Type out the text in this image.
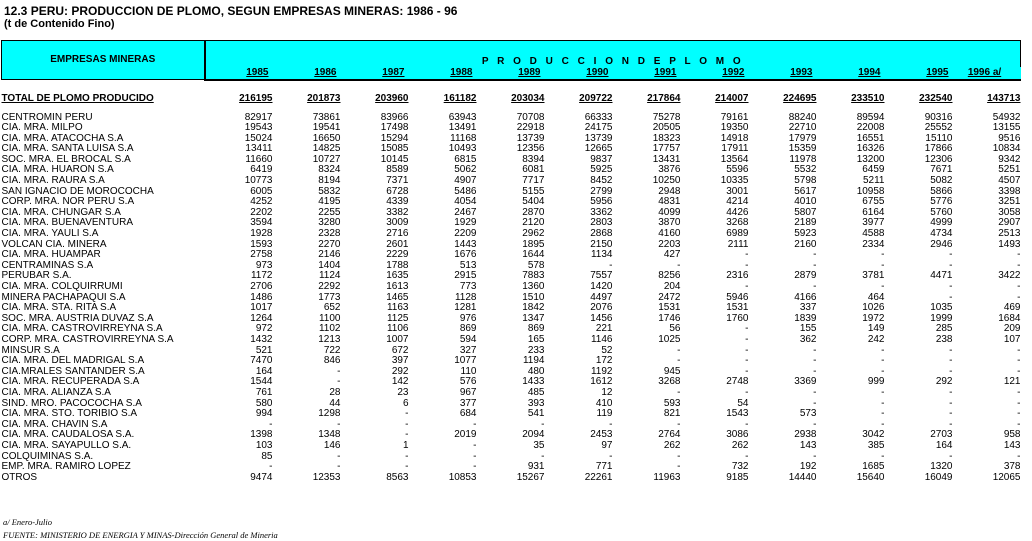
12.3 PERU: PRODUCCION DE PLOMO, SEGUN EMPRESAS MINERAS: 1986 - 96
(t de Contenido Fino)
EMPRESAS MINERAS	P R O D U C C I O N D E P L O M O											
	1985	1986	1987	1988	1989	1990	1991	1992	1993	1994	1995	1996 a/

TOTAL DE PLOMO PRODUCIDO	216195	201873	203960	161182	203034	209722	217864	214007	224695	233510	232540	143713

CENTROMIN PERU	82917	73861	83966	63943	70708	66333	75278	79161	88240	89594	90316	54932
CIA. MRA. MILPO	19543	19541	17498	13491	22918	24175	20505	19350	22710	22008	25552	13155
CIA. MRA. ATACOCHA S.A	15024	16650	15294	11168	13739	13739	18323	14918	17979	16551	15110	9516
CIA. MRA. SANTA LUISA S.A	13411	14825	15085	10493	12356	12665	17757	17911	15359	16326	17866	10834
SOC. MRA. EL BROCAL S.A	11660	10727	10145	6815	8394	9837	13431	13564	11978	13200	12306	9342
CIA. MRA. HUARON S.A	6419	8324	8589	5062	6081	5925	3876	5596	5532	6459	7671	5251
CIA. MRA. RAURA S.A	10773	8194	7371	4907	7717	8452	10250	10335	5798	5211	5082	4507
SAN IGNACIO DE MOROCOCHA	6005	5832	6728	5486	5155	2799	2948	3001	5617	10958	5866	3398
CORP. MRA. NOR PERU S.A	4252	4195	4339	4054	5404	5956	4831	4214	4010	6755	5776	3251
CIA. MRA. CHUNGAR S.A	2202	2255	3382	2467	2870	3362	4099	4426	5807	6164	5760	3058
CIA. MRA. BUENAVENTURA	3594	3280	3009	1929	2120	2803	3870	3268	2189	3977	4999	2907
CIA. MRA. YAULI S.A	1928	2328	2716	2209	2962	2868	4160	6989	5923	4588	4734	2513
VOLCAN CIA. MINERA	1593	2270	2601	1443	1895	2150	2203	2111	2160	2334	2946	1493
CIA. MRA. HUAMPAR	2758	2146	2229	1676	1644	1134	427	-	-	-	-	-
CENTRAMINAS S.A	973	1404	1788	513	578	-	-	-	-	-	-	-
PERUBAR S.A.	1172	1124	1635	2915	7883	7557	8256	2316	2879	3781	4471	3422
CIA. MRA. COLQUIRRUMI	2706	2292	1613	773	1360	1420	204	-	-	-	-	-
MINERA PACHAPAQUI S.A	1486	1773	1465	1128	1510	4497	2472	5946	4166	464	-	-
CIA. MRA. STA. RITA S.A	1017	652	1163	1281	1842	2076	1531	1531	337	1026	1035	469
SOC. MRA. AUSTRIA DUVAZ S.A	1264	1100	1125	976	1347	1456	1746	1760	1839	1972	1999	1684
CIA. MRA. CASTROVIRREYNA S.A	972	1102	1106	869	869	221	56	-	155	149	285	209
CORP. MRA. CASTROVIRREYNA S.A	1432	1213	1007	594	165	1146	1025	-	362	242	238	107
MINSUR S.A	521	722	672	327	233	52	-	-	-	-	-	-
CIA. MRA. DEL MADRIGAL S.A	7470	846	397	1077	1194	172	-	-	-	-	-	-
CIA.MRALES SANTANDER S.A	164	-	292	110	480	1192	945	-	-	-	-	-
CIA. MRA. RECUPERADA S.A	1544	-	142	576	1433	1612	3268	2748	3369	999	292	121
CIA. MRA. ALIANZA S.A	761	28	23	967	485	12	-	-	-	-	-	-
SIND. MRO. PACOCOCHA S.A	580	44	6	377	393	410	593	54	-	-	-	-
CIA. MRA. STO. TORIBIO S.A	994	1298	-	684	541	119	821	1543	573	-	-	-
CIA. MRA. CHAVIN S.A	-	-	-	-	-	-	-	-	-	-	-	-
CIA. MRA. CAUDALOSA S.A.	1398	1348	-	2019	2094	2453	2764	3086	2938	3042	2703	958
CIA. MRA. SAYAPULLO S.A.	103	146	1	-	35	97	262	262	143	385	164	143
COLQUIMINAS S.A.	85	-	-	-	-	-	-	-	-	-	-	-
EMP. MRA. RAMIRO LOPEZ	-	-	-	-	931	771	-	732	192	1685	1320	378
OTROS	9474	12353	8563	10853	15267	22261	11963	9185	14440	15640	16049	12065
a/ Enero-Julio
FUENTE: MINISTERIO DE ENERGIA Y MINAS-Dirección General de Mineria
